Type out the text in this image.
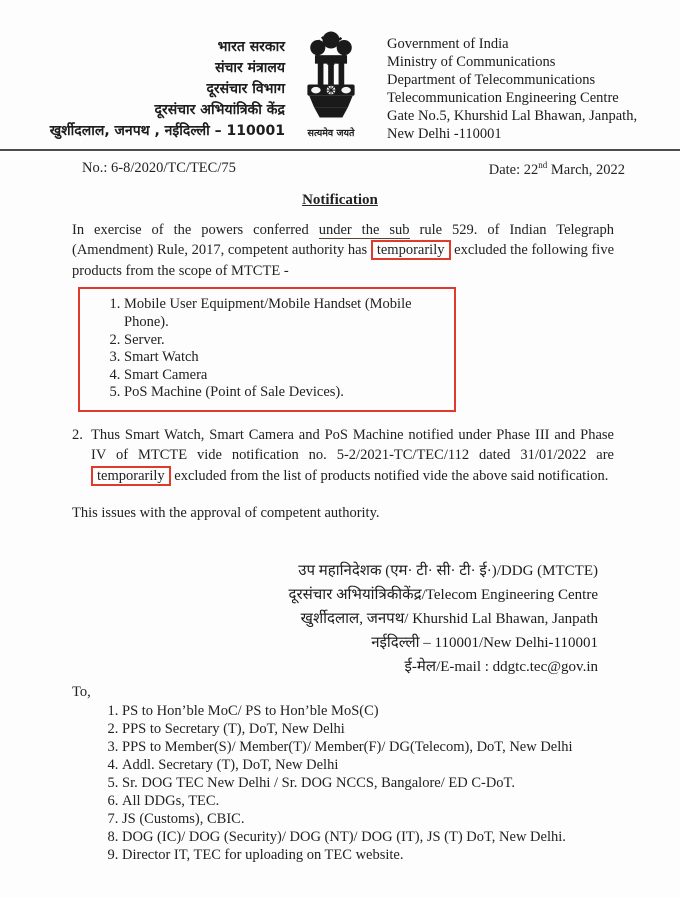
भारत सरकार
संचार मंत्रालय
दूरसंचार विभाग
दूरसंचार अभियांत्रिकी केंद्र
खुर्शीदलाल, जनपथ , नईदिल्ली – 110001	सत्यमेव जयते
Government of India
Ministry of Communications
Department of Telecommunications
Telecommunication Engineering Centre
Gate No.5, Khurshid Lal Bhawan, Janpath,
New Delhi -110001
No.: 6-8/2020/TC/TEC/75	Date: 22nd March, 2022
Notification

In exercise of the powers conferred under the sub rule 529. of Indian Telegraph (Amendment) Rule, 2017, competent authority has temporarily excluded the following five products from the scope of MTCTE -

1. Mobile User Equipment/Mobile Handset (Mobile Phone).
2. Server.
3. Smart Watch
4. Smart Camera
5. PoS Machine (Point of Sale Devices).
2. Thus Smart Watch, Smart Camera and PoS Machine notified under Phase III and Phase IV of MTCTE vide notification no. 5-2/2021-TC/TEC/112 dated 31/01/2022 are temporarily excluded from the list of products notified vide the above said notification.

This issues with the approval of competent authority.

उप महानिदेशक (एम· टी· सी· टी· ई·)/DDG (MTCTE)
दूरसंचार अभियांत्रिकीकेंद्र/Telecom Engineering Centre
खुर्शीदलाल, जनपथ/ Khurshid Lal Bhawan, Janpath
नईदिल्ली – 110001/New Delhi-110001
ई-मेल/E-mail : ddgtc.tec@gov.in
To,
1. PS to Hon’ble MoC/ PS to Hon’ble MoS(C)
2. PPS to Secretary (T), DoT, New Delhi
3. PPS to Member(S)/ Member(T)/ Member(F)/ DG(Telecom), DoT, New Delhi
4. Addl. Secretary (T), DoT, New Delhi
5. Sr. DOG TEC New Delhi / Sr. DOG NCCS, Bangalore/ ED C-DoT.
6. All DDGs, TEC.
7. JS (Customs), CBIC.
8. DOG (IC)/ DOG (Security)/ DOG (NT)/ DOG (IT), JS (T) DoT, New Delhi.
9. Director IT, TEC for uploading on TEC website.
